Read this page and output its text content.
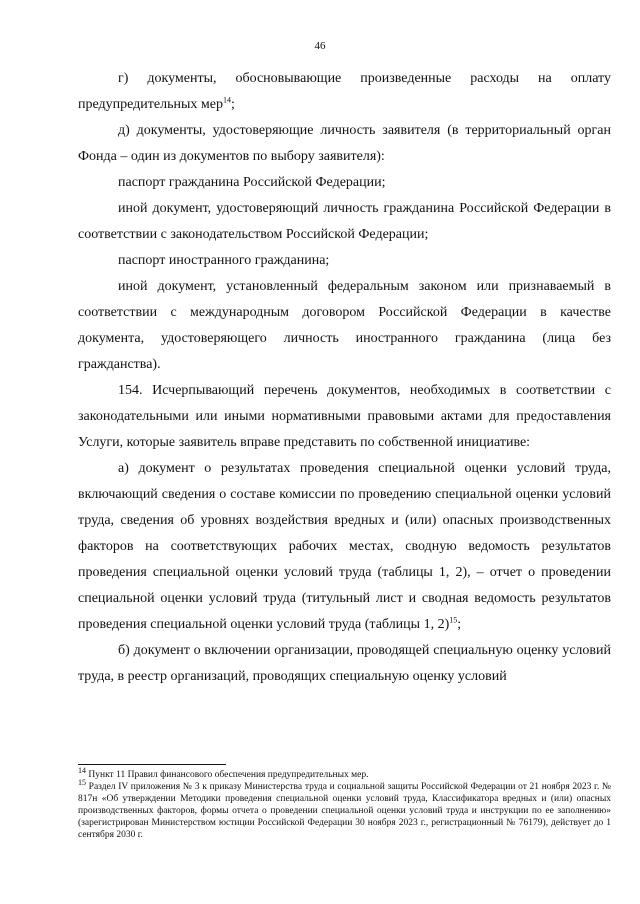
46

г) документы, обосновывающие произведенные расходы на оплату предупредительных мер$^{14}$;

д) документы, удостоверяющие личность заявителя (в территориальный орган Фонда – один из документов по выбору заявителя):

паспорт гражданина Российской Федерации;

иной документ, удостоверяющий личность гражданина Российской Федерации в соответствии с законодательством Российской Федерации;

паспорт иностранного гражданина;

иной документ, установленный федеральным законом или признаваемый в соответствии с международным договором Российской Федерации в качестве документа, удостоверяющего личность иностранного гражданина (лица без гражданства).

154. Исчерпывающий перечень документов, необходимых в соответствии с законодательными или иными нормативными правовыми актами для предоставления Услуги, которые заявитель вправе представить по собственной инициативе:

а) документ о результатах проведения специальной оценки условий труда, включающий сведения о составе комиссии по проведению специальной оценки условий труда, сведения об уровнях воздействия вредных и (или) опасных производственных факторов на соответствующих рабочих местах, сводную ведомость результатов проведения специальной оценки условий труда (таблицы 1, 2), – отчет о проведении специальной оценки условий труда (титульный лист и сводная ведомость результатов проведения специальной оценки условий труда (таблицы 1, 2)$^{15}$;

б) документ о включении организации, проводящей специальную оценку условий труда, в реестр организаций, проводящих специальную оценку условий

$^{14}$ Пункт 11 Правил финансового обеспечения предупредительных мер.

$^{15}$ Раздел IV приложения № 3 к приказу Министерства труда и социальной защиты Российской Федерации от 21 ноября 2023 г. № 817н «Об утверждении Методики проведения специальной оценки условий труда, Классификатора вредных и (или) опасных производственных факторов, формы отчета о проведении специальной оценки условий труда и инструкции по ее заполнению» (зарегистрирован Министерством юстиции Российской Федерации 30 ноября 2023 г., регистрационный № 76179), действует до 1 сентября 2030 г.
